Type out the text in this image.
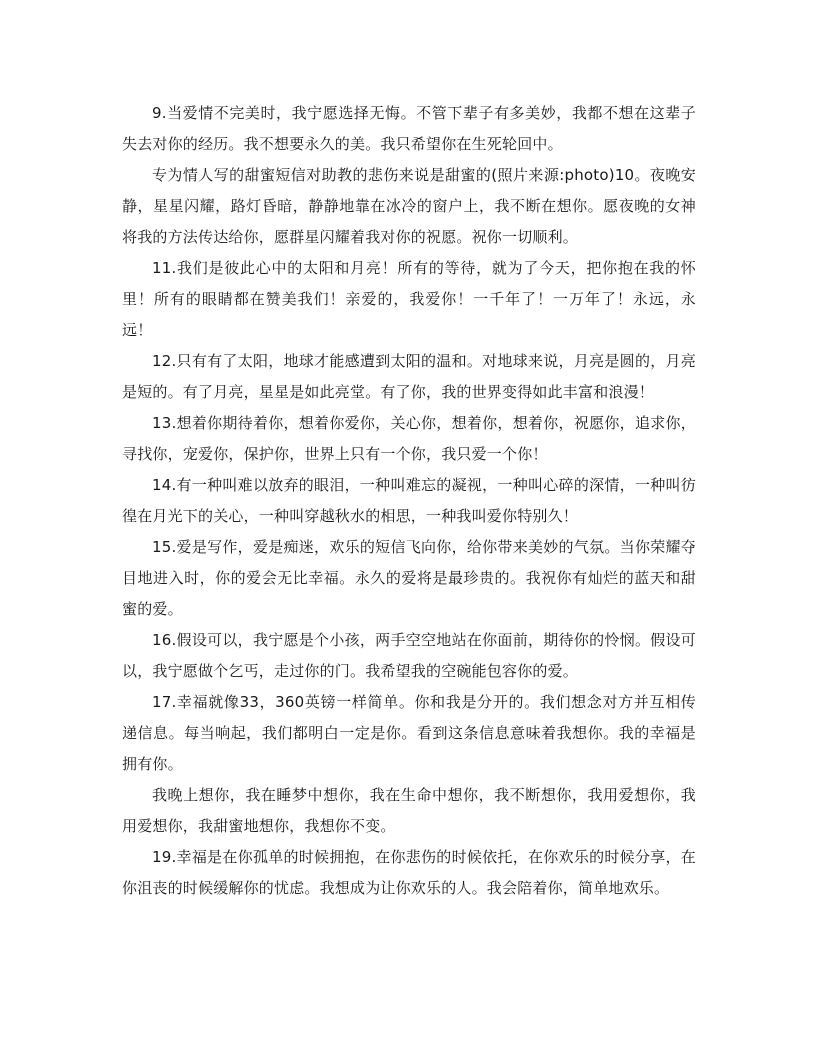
9.当爱情不完美时，我宁愿选择无悔。不管下辈子有多美妙，我都不想在这辈子失去对你的经历。我不想要永久的美。我只希望你在生死轮回中。

专为情人写的甜蜜短信对助教的悲伤来说是甜蜜的(照片来源:photo)10。夜晚安静，星星闪耀，路灯昏暗，静静地靠在冰冷的窗户上，我不断在想你。愿夜晚的女神将我的方法传达给你，愿群星闪耀着我对你的祝愿。祝你一切顺利。

11.我们是彼此心中的太阳和月亮！所有的等待，就为了今天，把你抱在我的怀里！所有的眼睛都在赞美我们！亲爱的，我爱你！一千年了！一万年了！永远，永远！

12.只有有了太阳，地球才能感遭到太阳的温和。对地球来说，月亮是圆的，月亮是短的。有了月亮，星星是如此亮堂。有了你，我的世界变得如此丰富和浪漫！

13.想着你期待着你，想着你爱你，关心你，想着你，想着你，祝愿你，追求你，寻找你，宠爱你，保护你，世界上只有一个你，我只爱一个你！

14.有一种叫难以放弃的眼泪，一种叫难忘的凝视，一种叫心碎的深情，一种叫彷徨在月光下的关心，一种叫穿越秋水的相思，一种我叫爱你特别久！

15.爱是写作，爱是痴迷，欢乐的短信飞向你，给你带来美妙的气氛。当你荣耀夺目地进入时，你的爱会无比幸福。永久的爱将是最珍贵的。我祝你有灿烂的蓝天和甜蜜的爱。

16.假设可以，我宁愿是个小孩，两手空空地站在你面前，期待你的怜悯。假设可以，我宁愿做个乞丐，走过你的门。我希望我的空碗能包容你的爱。

17.幸福就像33，360英镑一样简单。你和我是分开的。我们想念对方并互相传递信息。每当响起，我们都明白一定是你。看到这条信息意味着我想你。我的幸福是拥有你。

我晚上想你，我在睡梦中想你，我在生命中想你，我不断想你，我用爱想你，我用爱想你，我甜蜜地想你，我想你不变。

19.幸福是在你孤单的时候拥抱，在你悲伤的时候依托，在你欢乐的时候分享，在你沮丧的时候缓解你的忧虑。我想成为让你欢乐的人。我会陪着你，简单地欢乐。
